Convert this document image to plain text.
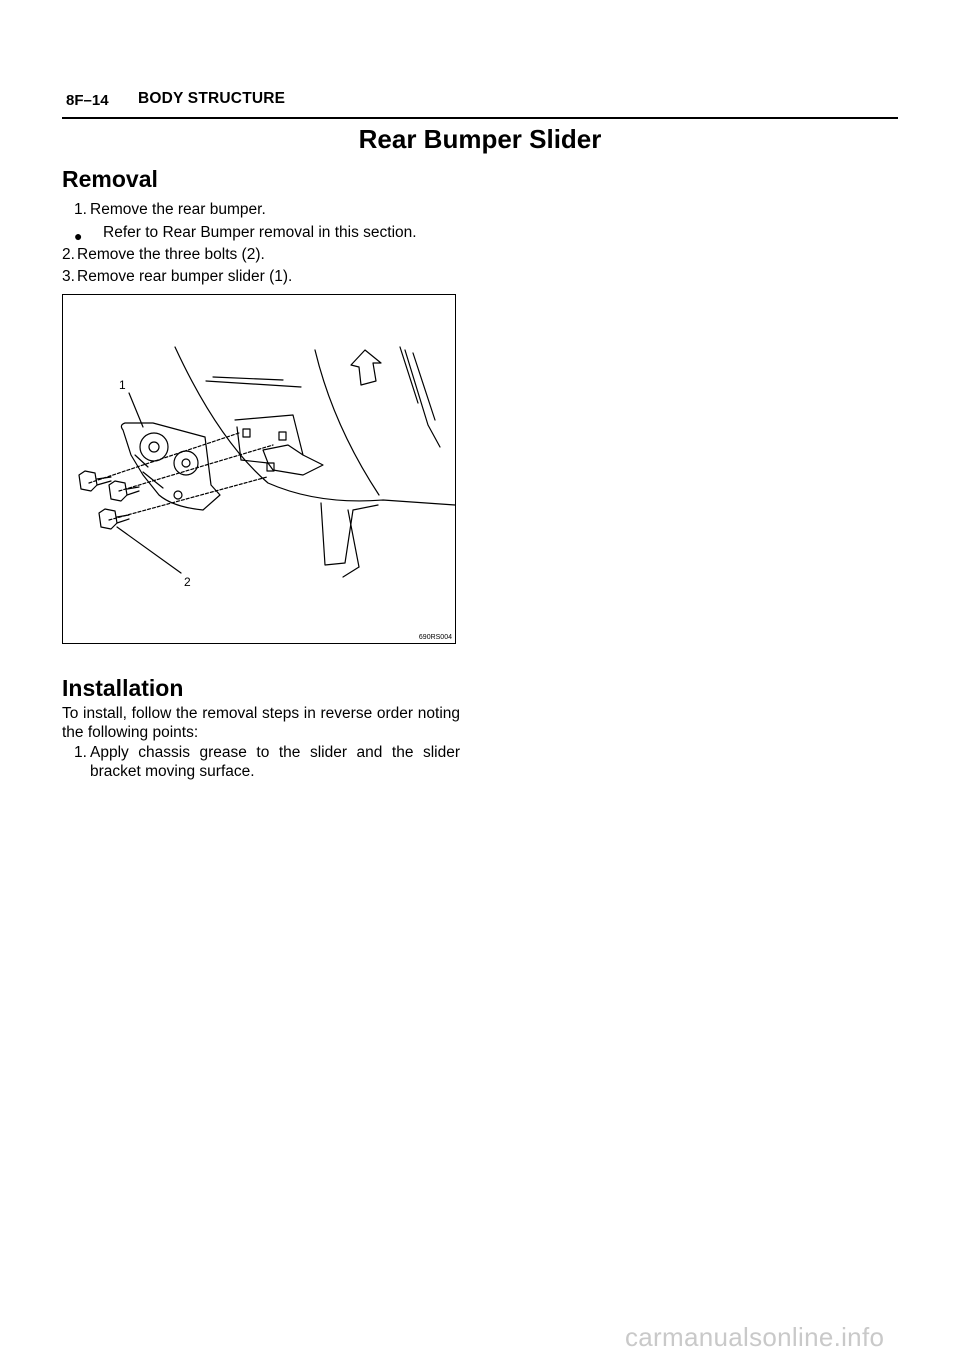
8F–14 BODY STRUCTURE
Rear Bumper Slider
Removal
1. Remove the rear bumper.
● Refer to Rear Bumper removal in this section.
2. Remove the three bolts (2).
3. Remove rear bumper slider (1).
1
2
690RS004
Installation
To install, follow the removal steps in reverse order noting
the following points:
1. Apply chassis grease to the slider and the slider
bracket moving surface.
carmanualsonline.info
